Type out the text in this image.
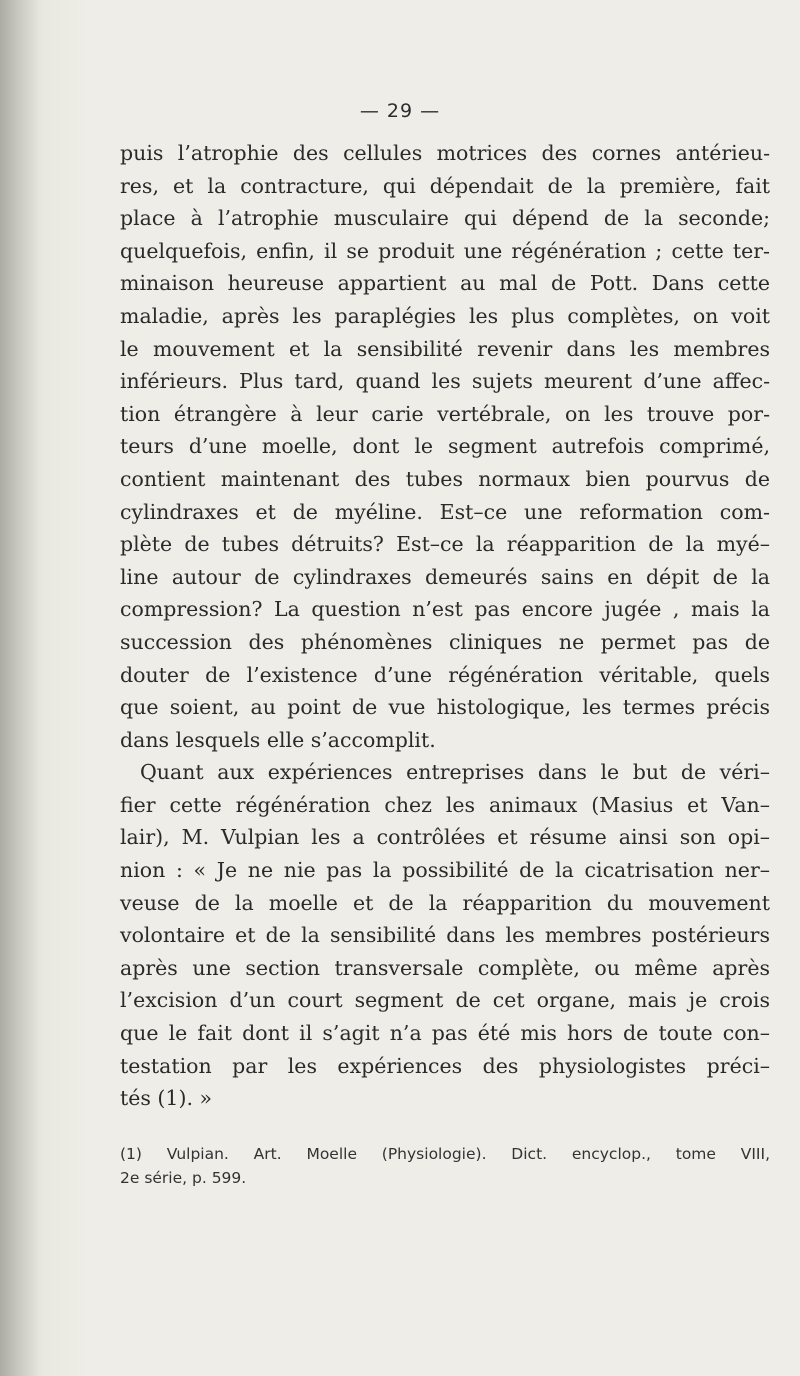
— 29 —
puis l’atrophie des cellules motrices des cornes antérieu-
res, et la contracture, qui dépendait de la première, fait
place à l’atrophie musculaire qui dépend de la seconde;
quelquefois, enfin, il se produit une régénération ; cette ter-
minaison heureuse appartient au mal de Pott. Dans cette
maladie, après les paraplégies les plus complètes, on voit
le mouvement et la sensibilité revenir dans les membres
inférieurs. Plus tard, quand les sujets meurent d’une affec-
tion étrangère à leur carie vertébrale, on les trouve por-
teurs d’une moelle, dont le segment autrefois comprimé,
contient maintenant des tubes normaux bien pourvus de
cylindraxes et de myéline. Est–ce une reformation com-
plète de tubes détruits? Est–ce la réapparition de la myé–
line autour de cylindraxes demeurés sains en dépit de la
compression? La question n’est pas encore jugée , mais la
succession des phénomènes cliniques ne permet pas de
douter de l’existence d’une régénération véritable, quels
que soient, au point de vue histologique, les termes précis
dans lesquels elle s’accomplit.
Quant aux expériences entreprises dans le but de véri–
fier cette régénération chez les animaux (Masius et Van–
lair), M. Vulpian les a contrôlées et résume ainsi son opi–
nion : « Je ne nie pas la possibilité de la cicatrisation ner–
veuse de la moelle et de la réapparition du mouvement
volontaire et de la sensibilité dans les membres postérieurs
après une section transversale complète, ou même après
l’excision d’un court segment de cet organe, mais je crois
que le fait dont il s’agit n’a pas été mis hors de toute con–
testation par les expériences des physiologistes préci–
tés (1). »
(1) Vulpian. Art. Moelle (Physiologie). Dict. encyclop., tome VIII,
2e série, p. 599.
